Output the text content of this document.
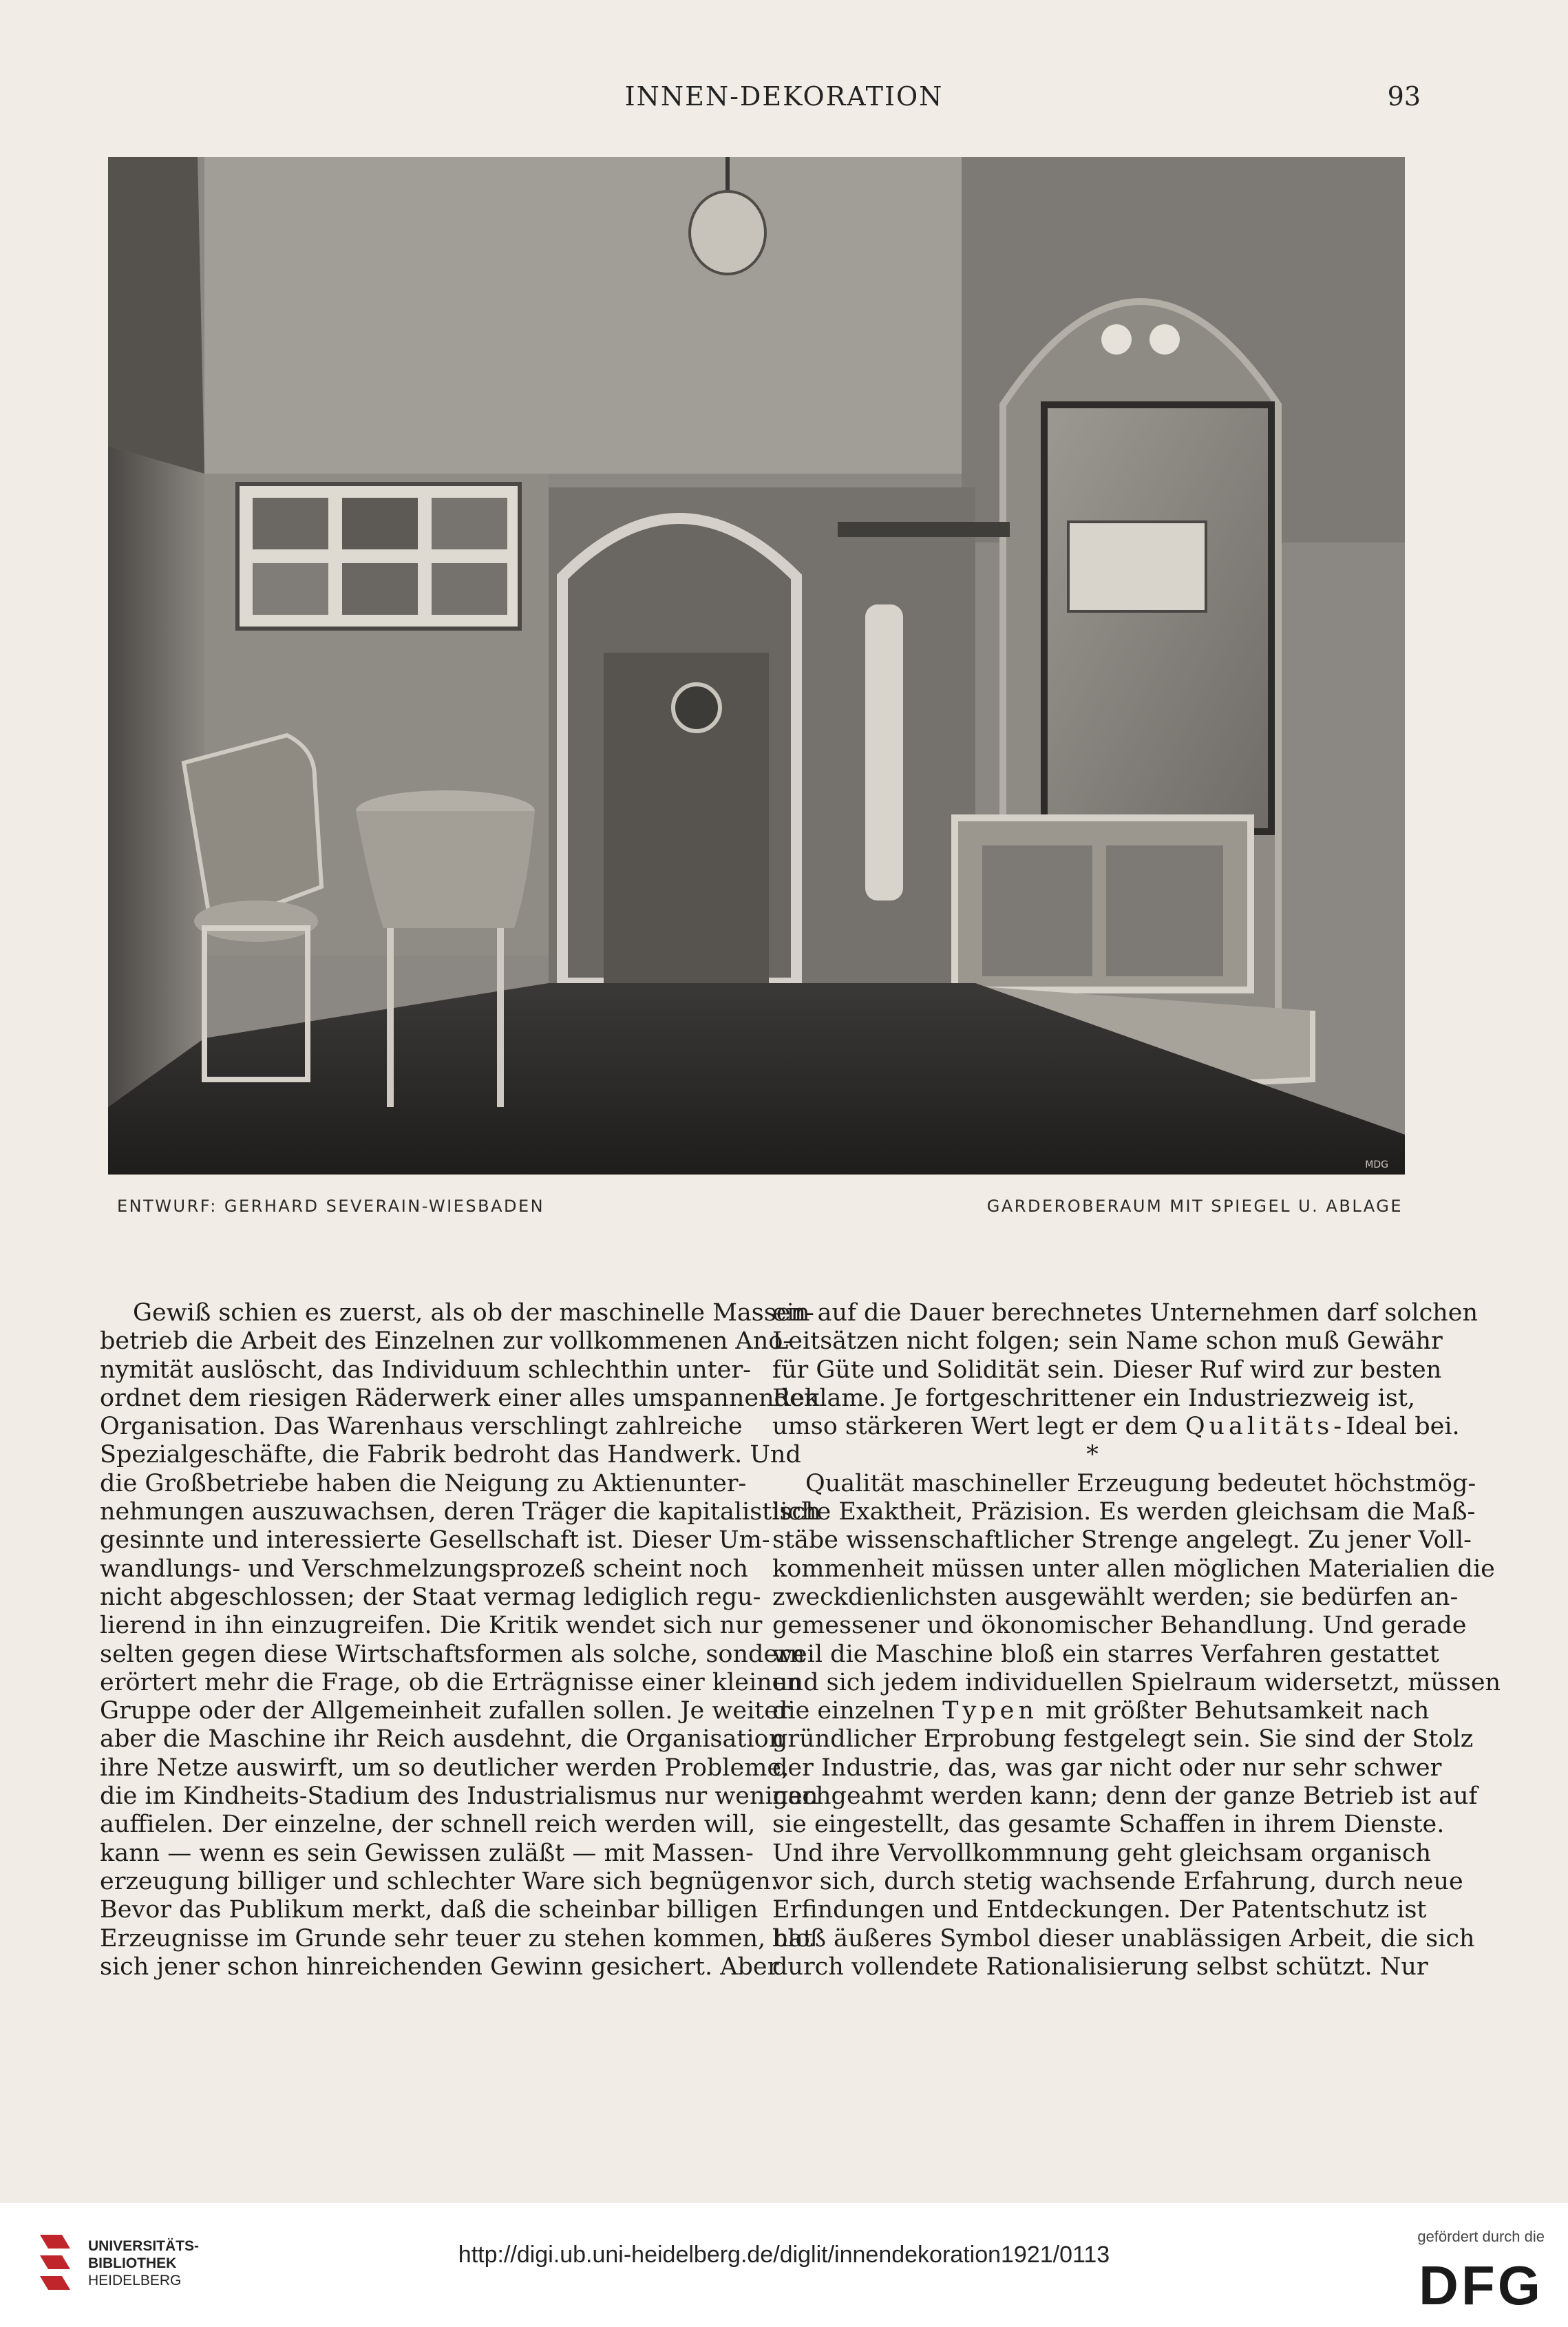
INNEN-DEKORATION	93
MDG
ENTWURF: GERHARD SEVERAIN-WIESBADEN	GARDEROBERAUM MIT SPIEGEL U. ABLAGE

Gewiß schien es zuerst, als ob der maschinelle Massen-
betrieb die Arbeit des Einzelnen zur vollkommenen Ano-
nymität auslöscht, das Individuum schlechthin unter-
ordnet dem riesigen Räderwerk einer alles umspannenden
Organisation. Das Warenhaus verschlingt zahlreiche
Spezialgeschäfte, die Fabrik bedroht das Handwerk. Und
die Großbetriebe haben die Neigung zu Aktienunter-
nehmungen auszuwachsen, deren Träger die kapitalistisch
gesinnte und interessierte Gesellschaft ist. Dieser Um-
wandlungs- und Verschmelzungsprozeß scheint noch
nicht abgeschlossen; der Staat vermag lediglich regu-
lierend in ihn einzugreifen. Die Kritik wendet sich nur
selten gegen diese Wirtschaftsformen als solche, sondern
erörtert mehr die Frage, ob die Erträgnisse einer kleinen
Gruppe oder der Allgemeinheit zufallen sollen. Je weiter
aber die Maschine ihr Reich ausdehnt, die Organisation
ihre Netze auswirft, um so deutlicher werden Probleme,
die im Kindheits-Stadium des Industrialismus nur wenigen
auffielen. Der einzelne, der schnell reich werden will,
kann — wenn es sein Gewissen zuläßt — mit Massen-
erzeugung billiger und schlechter Ware sich begnügen.
Bevor das Publikum merkt, daß die scheinbar billigen
Erzeugnisse im Grunde sehr teuer zu stehen kommen, hat
sich jener schon hinreichenden Gewinn gesichert. Aber

ein auf die Dauer berechnetes Unternehmen darf solchen
Leitsätzen nicht folgen; sein Name schon muß Gewähr
für Güte und Solidität sein. Dieser Ruf wird zur besten
Reklame. Je fortgeschrittener ein Industriezweig ist,

umso stärkeren Wert legt er dem Qualitäts-Ideal bei.
*

Qualität maschineller Erzeugung bedeutet höchstmög-
liche Exaktheit, Präzision. Es werden gleichsam die Maß-
stäbe wissenschaftlicher Strenge angelegt. Zu jener Voll-
kommenheit müssen unter allen möglichen Materialien die
zweckdienlichsten ausgewählt werden; sie bedürfen an-
gemessener und ökonomischer Behandlung. Und gerade
weil die Maschine bloß ein starres Verfahren gestattet
und sich jedem individuellen Spielraum widersetzt, müssen

die einzelnen Typen mit größter Behutsamkeit nach

gründlicher Erprobung festgelegt sein. Sie sind der Stolz
der Industrie, das, was gar nicht oder nur sehr schwer
nachgeahmt werden kann; denn der ganze Betrieb ist auf
sie eingestellt, das gesamte Schaffen in ihrem Dienste.
Und ihre Vervollkommnung geht gleichsam organisch
vor sich, durch stetig wachsende Erfahrung, durch neue
Erfindungen und Entdeckungen. Der Patentschutz ist
bloß äußeres Symbol dieser unablässigen Arbeit, die sich
durch vollendete Rationalisierung selbst schützt. Nur

UNIVERSITÄTS-
BIBLIOTHEK
HEIDELBERG
http://digi.ub.uni-heidelberg.de/diglit/innendekoration1921/0113
gefördert durch die
DFG
